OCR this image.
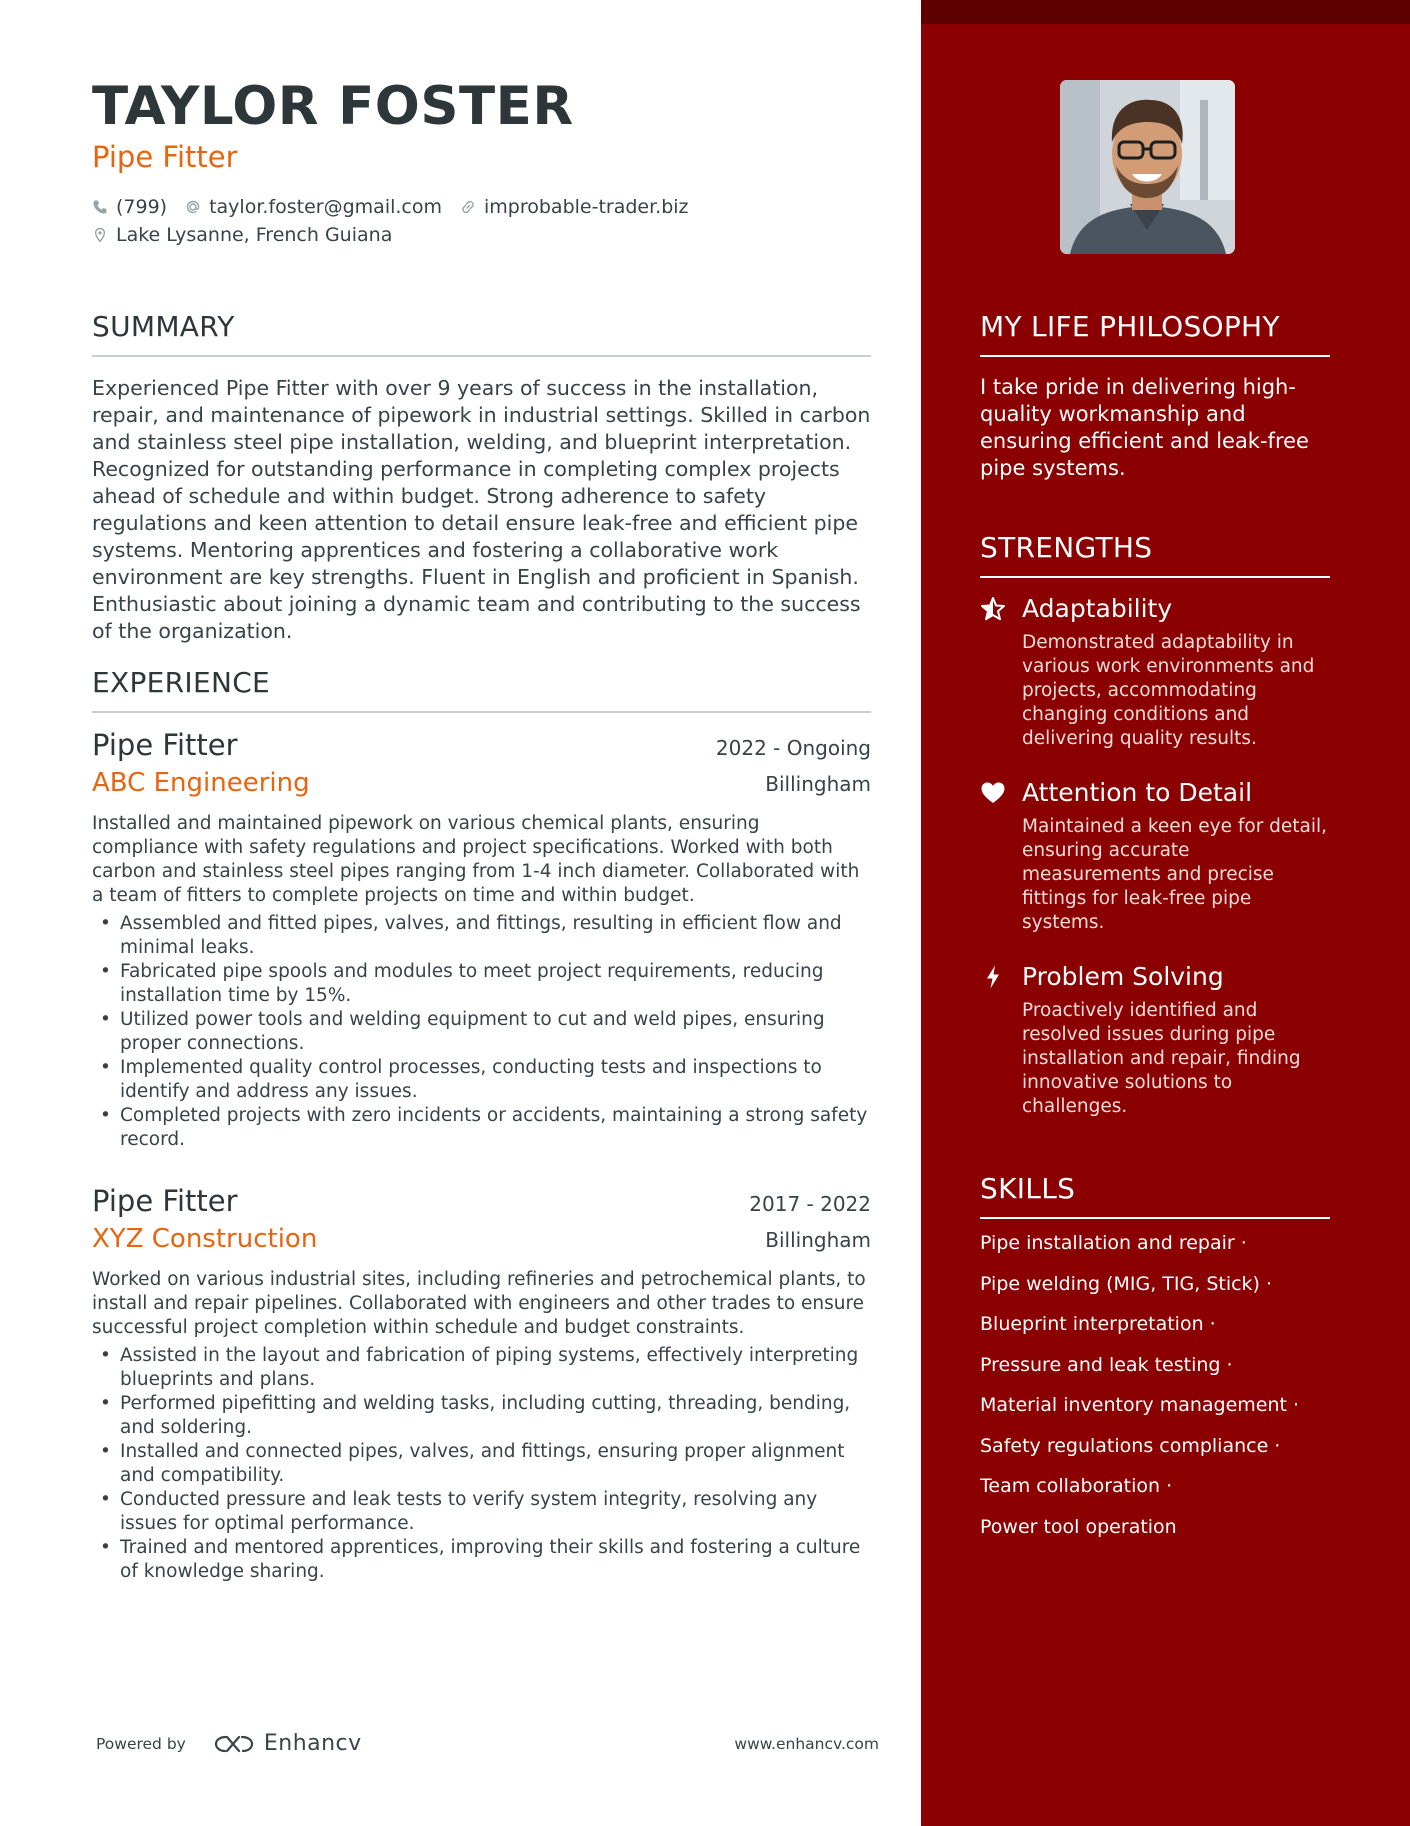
TAYLOR FOSTER
Pipe Fitter
(799) taylor.foster@gmail.com improbable-trader.biz
Lake Lysanne, French Guiana
SUMMARY
Experienced Pipe Fitter with over 9 years of success in the installation, repair, and maintenance of pipework in industrial settings. Skilled in carbon and stainless steel pipe installation, welding, and blueprint interpretation. Recognized for outstanding performance in completing complex projects ahead of schedule and within budget. Strong adherence to safety regulations and keen attention to detail ensure leak-free and efficient pipe systems. Mentoring apprentices and fostering a collaborative work environment are key strengths. Fluent in English and proficient in Spanish. Enthusiastic about joining a dynamic team and contributing to the success of the organization.
EXPERIENCE
Pipe Fitter	2022 - Ongoing
ABC Engineering	Billingham
Installed and maintained pipework on various chemical plants, ensuring compliance with safety regulations and project specifications. Worked with both carbon and stainless steel pipes ranging from 1-4 inch diameter. Collaborated with a team of fitters to complete projects on time and within budget.
• Assembled and fitted pipes, valves, and fittings, resulting in efficient flow and minimal leaks.
• Fabricated pipe spools and modules to meet project requirements, reducing installation time by 15%.
• Utilized power tools and welding equipment to cut and weld pipes, ensuring proper connections.
• Implemented quality control processes, conducting tests and inspections to identify and address any issues.
• Completed projects with zero incidents or accidents, maintaining a strong safety record.
Pipe Fitter	2017 - 2022
XYZ Construction	Billingham
Worked on various industrial sites, including refineries and petrochemical plants, to install and repair pipelines. Collaborated with engineers and other trades to ensure successful project completion within schedule and budget constraints.
• Assisted in the layout and fabrication of piping systems, effectively interpreting blueprints and plans.
• Performed pipefitting and welding tasks, including cutting, threading, bending, and soldering.
• Installed and connected pipes, valves, and fittings, ensuring proper alignment and compatibility.
• Conducted pressure and leak tests to verify system integrity, resolving any issues for optimal performance.
• Trained and mentored apprentices, improving their skills and fostering a culture of knowledge sharing.
Powered by	Enhancv	www.enhancv.com
MY LIFE PHILOSOPHY
I take pride in delivering high-quality workmanship and ensuring efficient and leak-free pipe systems.
STRENGTHS
Adaptability
Demonstrated adaptability in various work environments and projects, accommodating changing conditions and delivering quality results.
Attention to Detail
Maintained a keen eye for detail, ensuring accurate measurements and precise fittings for leak-free pipe systems.
Problem Solving
Proactively identified and resolved issues during pipe installation and repair, finding innovative solutions to challenges.
SKILLS
Pipe installation and repair ·
Pipe welding (MIG, TIG, Stick) ·
Blueprint interpretation ·
Pressure and leak testing ·
Material inventory management ·
Safety regulations compliance ·
Team collaboration ·
Power tool operation
